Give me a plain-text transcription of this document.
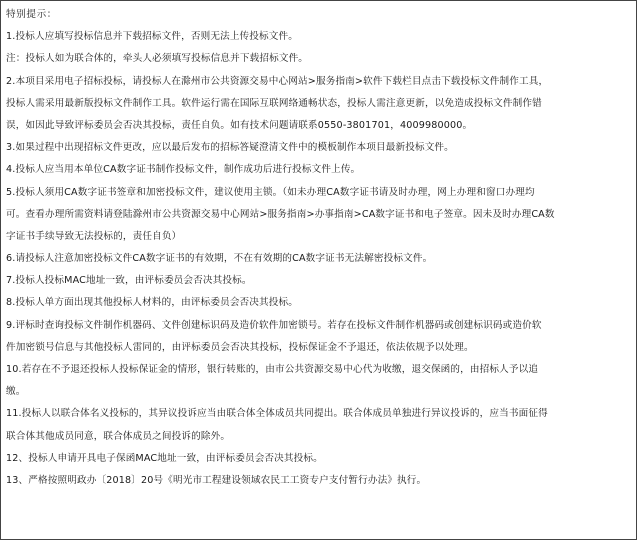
特别提示：
1.投标人应填写投标信息并下载招标文件，否则无法上传投标文件。
注：投标人如为联合体的，牵头人必须填写投标信息并下载招标文件。
2.本项目采用电子招标投标，请投标人在滁州市公共资源交易中心网站>服务指南>软件下载栏目点击下载投标文件制作工具，
投标人需采用最新版投标文件制作工具。软件运行需在国际互联网络通畅状态，投标人需注意更新，以免造成投标文件制作错
误，如因此导致评标委员会否决其投标，责任自负。如有技术问题请联系0550-3801701，4009980000。
3.如果过程中出现招标文件更改，应以最后发布的招标答疑澄清文件中的模板制作本项目最新投标文件。
4.投标人应当用本单位CA数字证书制作投标文件，制作成功后进行投标文件上传。
5.投标人须用CA数字证书签章和加密投标文件，建议使用主锁。（如未办理CA数字证书请及时办理，网上办理和窗口办理均
可。查看办理所需资料请登陆滁州市公共资源交易中心网站>服务指南>办事指南>CA数字证书和电子签章。因未及时办理CA数
字证书手续导致无法投标的，责任自负）
6.请投标人注意加密投标文件CA数字证书的有效期，不在有效期的CA数字证书无法解密投标文件。
7.投标人投标MAC地址一致，由评标委员会否决其投标。
8.投标人单方面出现其他投标人材料的，由评标委员会否决其投标。
9.评标时查询投标文件制作机器码、文件创建标识码及造价软件加密锁号。若存在投标文件制作机器码或创建标识码或造价软
件加密锁号信息与其他投标人雷同的，由评标委员会否决其投标，投标保证金不予退还，依法依规予以处理。
10.若存在不予退还投标人投标保证金的情形，银行转账的，由市公共资源交易中心代为收缴，退交保函的，由招标人予以追
缴。
11.投标人以联合体名义投标的，其异议投诉应当由联合体全体成员共同提出。联合体成员单独进行异议投诉的，应当书面征得
联合体其他成员同意，联合体成员之间投诉的除外。
12、投标人申请开具电子保函MAC地址一致，由评标委员会否决其投标。
13、严格按照明政办〔2018〕20号《明光市工程建设领域农民工工资专户支付暂行办法》执行。
